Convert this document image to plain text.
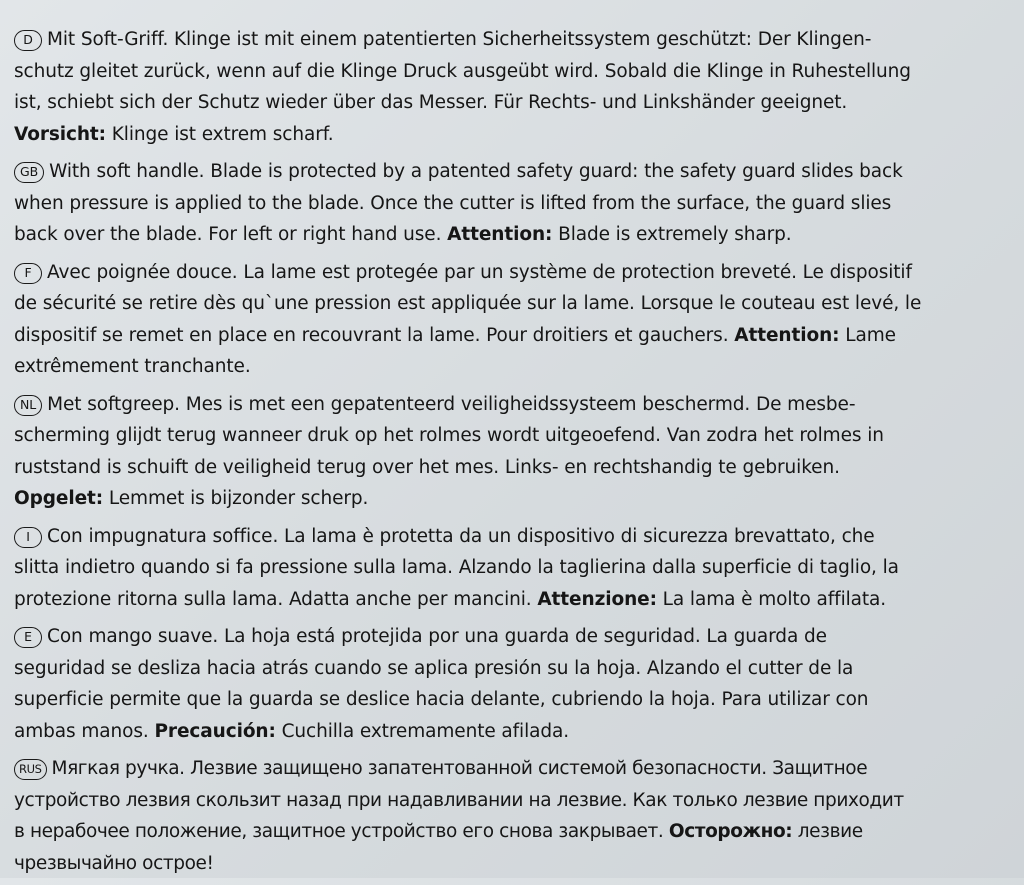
D Mit Soft-Griff. Klinge ist mit einem patentierten Sicherheitssystem geschützt: Der Klingen-
schutz gleitet zurück, wenn auf die Klinge Druck ausgeübt wird. Sobald die Klinge in Ruhestellung
ist, schiebt sich der Schutz wieder über das Messer. Für Rechts- und Linkshänder geeignet.
Vorsicht: Klinge ist extrem scharf.
GB With soft handle. Blade is protected by a patented safety guard: the safety guard slides back
when pressure is applied to the blade. Once the cutter is lifted from the surface, the guard slies
back over the blade. For left or right hand use. Attention: Blade is extremely sharp.
F Avec poignée douce. La lame est protegée par un système de protection breveté. Le dispositif
de sécurité se retire dès qu`une pression est appliquée sur la lame. Lorsque le couteau est levé, le
dispositif se remet en place en recouvrant la lame. Pour droitiers et gauchers. Attention: Lame
extrêmement tranchante.
NL Met softgreep. Mes is met een gepatenteerd veiligheidssysteem beschermd. De mesbe-
scherming glijdt terug wanneer druk op het rolmes wordt uitgeoefend. Van zodra het rolmes in
ruststand is schuift de veiligheid terug over het mes. Links- en rechtshandig te gebruiken.
Opgelet: Lemmet is bijzonder scherp.
I Con impugnatura soffice. La lama è protetta da un dispositivo di sicurezza brevattato, che
slitta indietro quando si fa pressione sulla lama. Alzando la taglierina dalla superficie di taglio, la
protezione ritorna sulla lama. Adatta anche per mancini. Attenzione: La lama è molto affilata.
E Con mango suave. La hoja está protejida por una guarda de seguridad. La guarda de
seguridad se desliza hacia atrás cuando se aplica presión su la hoja. Alzando el cutter de la
superficie permite que la guarda se deslice hacia delante, cubriendo la hoja. Para utilizar con
ambas manos. Precaución: Cuchilla extremamente afilada.
RUS Мягкая ручка. Лезвие защищено запатентованной системой безопасности. Защитное
устройство лезвия скользит назад при надавливании на лезвие. Как только лезвие приходит
в нерабочее положение, защитное устройство его снова закрывает. Осторожно: лезвие
чрезвычайно острое!
